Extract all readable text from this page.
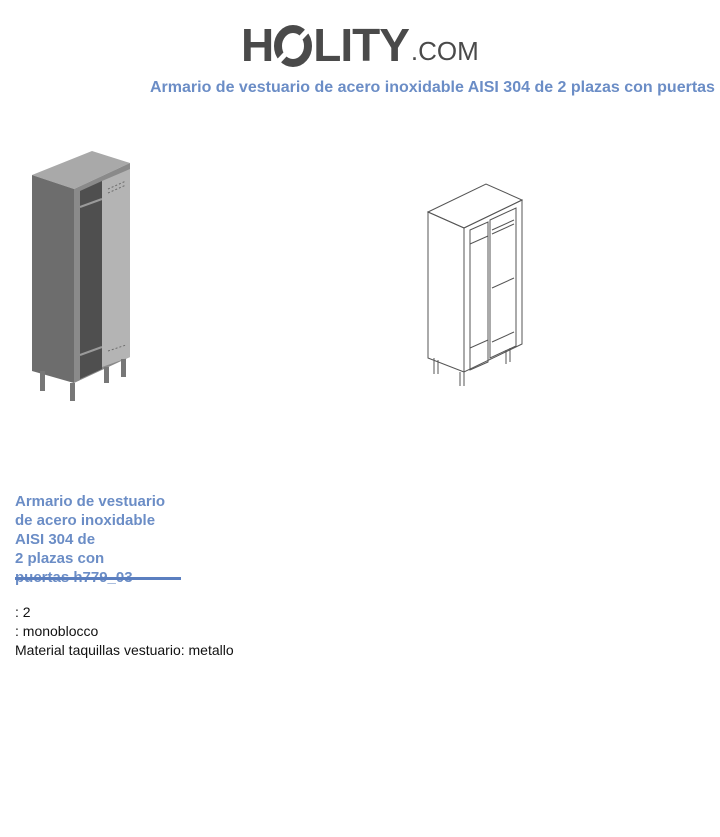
H LITY .COM
Armario de vestuario de acero inoxidable AISI 304 de 2 plazas con puertas
Armario de vestuario
de acero inoxidable
AISI 304 de
2 plazas con
: 2
: monoblocco
Material taquillas vestuario: metallo
